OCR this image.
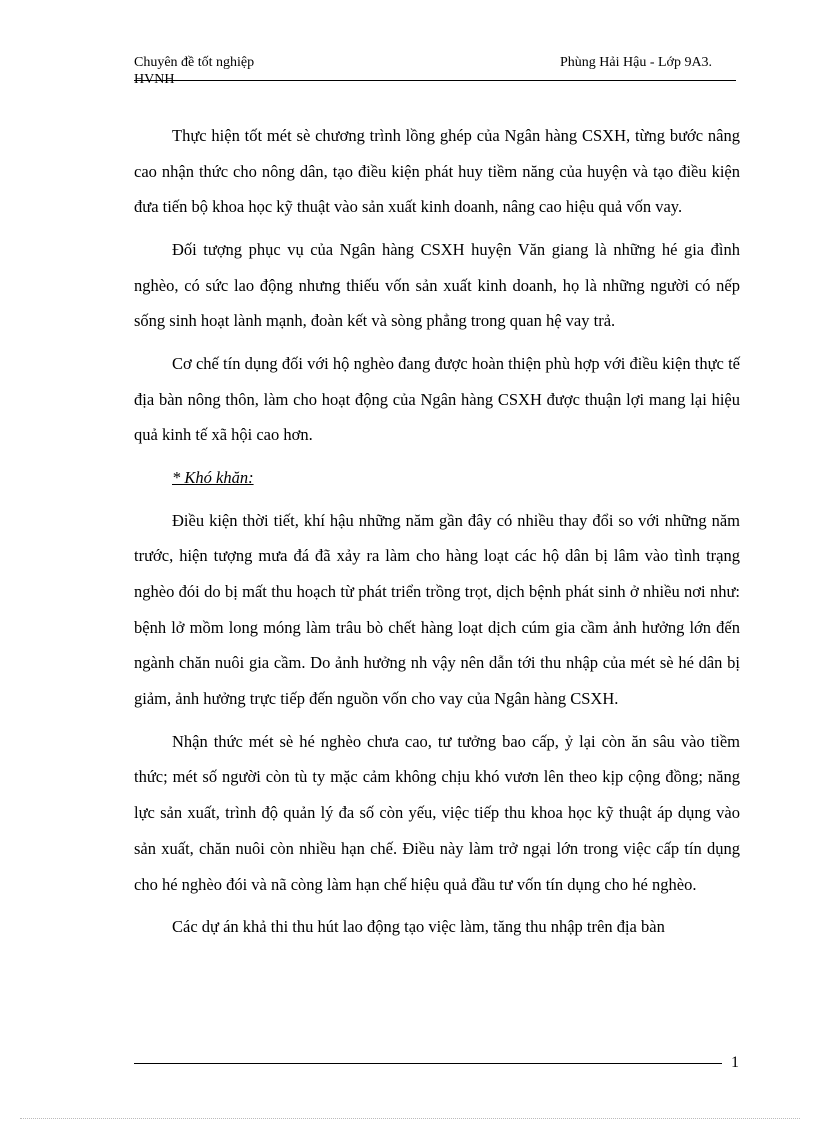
Chuyên đề tốt nghiệp
HVNH
Phùng Hải Hậu - Lớp 9A3.

Thực hiện tốt mét sè chương trình lồng ghép của Ngân hàng CSXH, từng bước nâng cao nhận thức cho nông dân, tạo điều kiện phát huy tiềm năng của huyện và tạo điều kiện đưa tiến bộ khoa học kỹ thuật vào sản xuất kinh doanh, nâng cao hiệu quả vốn vay.

Đối tượng phục vụ của Ngân hàng CSXH huyện Văn giang là những hé gia đình nghèo, có sức lao động nhưng thiếu vốn sản xuất kinh doanh, họ là những người có nếp sống sinh hoạt lành mạnh, đoàn kết và sòng phẳng trong quan hệ vay trả.

Cơ chế tín dụng đối với hộ nghèo đang được hoàn thiện phù hợp với điều kiện thực tế địa bàn nông thôn, làm cho hoạt động của Ngân hàng CSXH được thuận lợi mang lại hiệu quả kinh tế xã hội cao hơn.

* Khó khăn:

Điều kiện thời tiết, khí hậu những năm gần đây có nhiều thay đổi so với những năm trước, hiện tượng mưa đá đã xảy ra làm cho hàng loạt các hộ dân bị lâm vào tình trạng nghèo đói do bị mất thu hoạch từ phát triển trồng trọt, dịch bệnh phát sinh ở nhiều nơi như: bệnh lở mồm long móng làm trâu bò chết hàng loạt dịch cúm gia cầm ảnh hưởng lớn đến ngành chăn nuôi gia cầm. Do ảnh hưởng nh vậy nên dẫn tới thu nhập của mét sè hé dân bị giảm, ảnh hưởng trực tiếp đến nguồn vốn cho vay của Ngân hàng CSXH.

Nhận thức mét sè hé nghèo chưa cao, tư tưởng bao cấp, ỷ lại còn ăn sâu vào tiềm thức; mét số người còn tù ty mặc cảm không chịu khó vươn lên theo kịp cộng đồng; năng lực sản xuất, trình độ quản lý đa số còn yếu, việc tiếp thu khoa học kỹ thuật áp dụng vào sản xuất, chăn nuôi còn nhiều hạn chế. Điều này làm trở ngại lớn trong việc cấp tín dụng cho hé nghèo đói và nã còng làm hạn chế hiệu quả đầu tư vốn tín dụng cho hé nghèo.

Các dự án khả thi thu hút lao động tạo việc làm, tăng thu nhập trên địa bàn

1
